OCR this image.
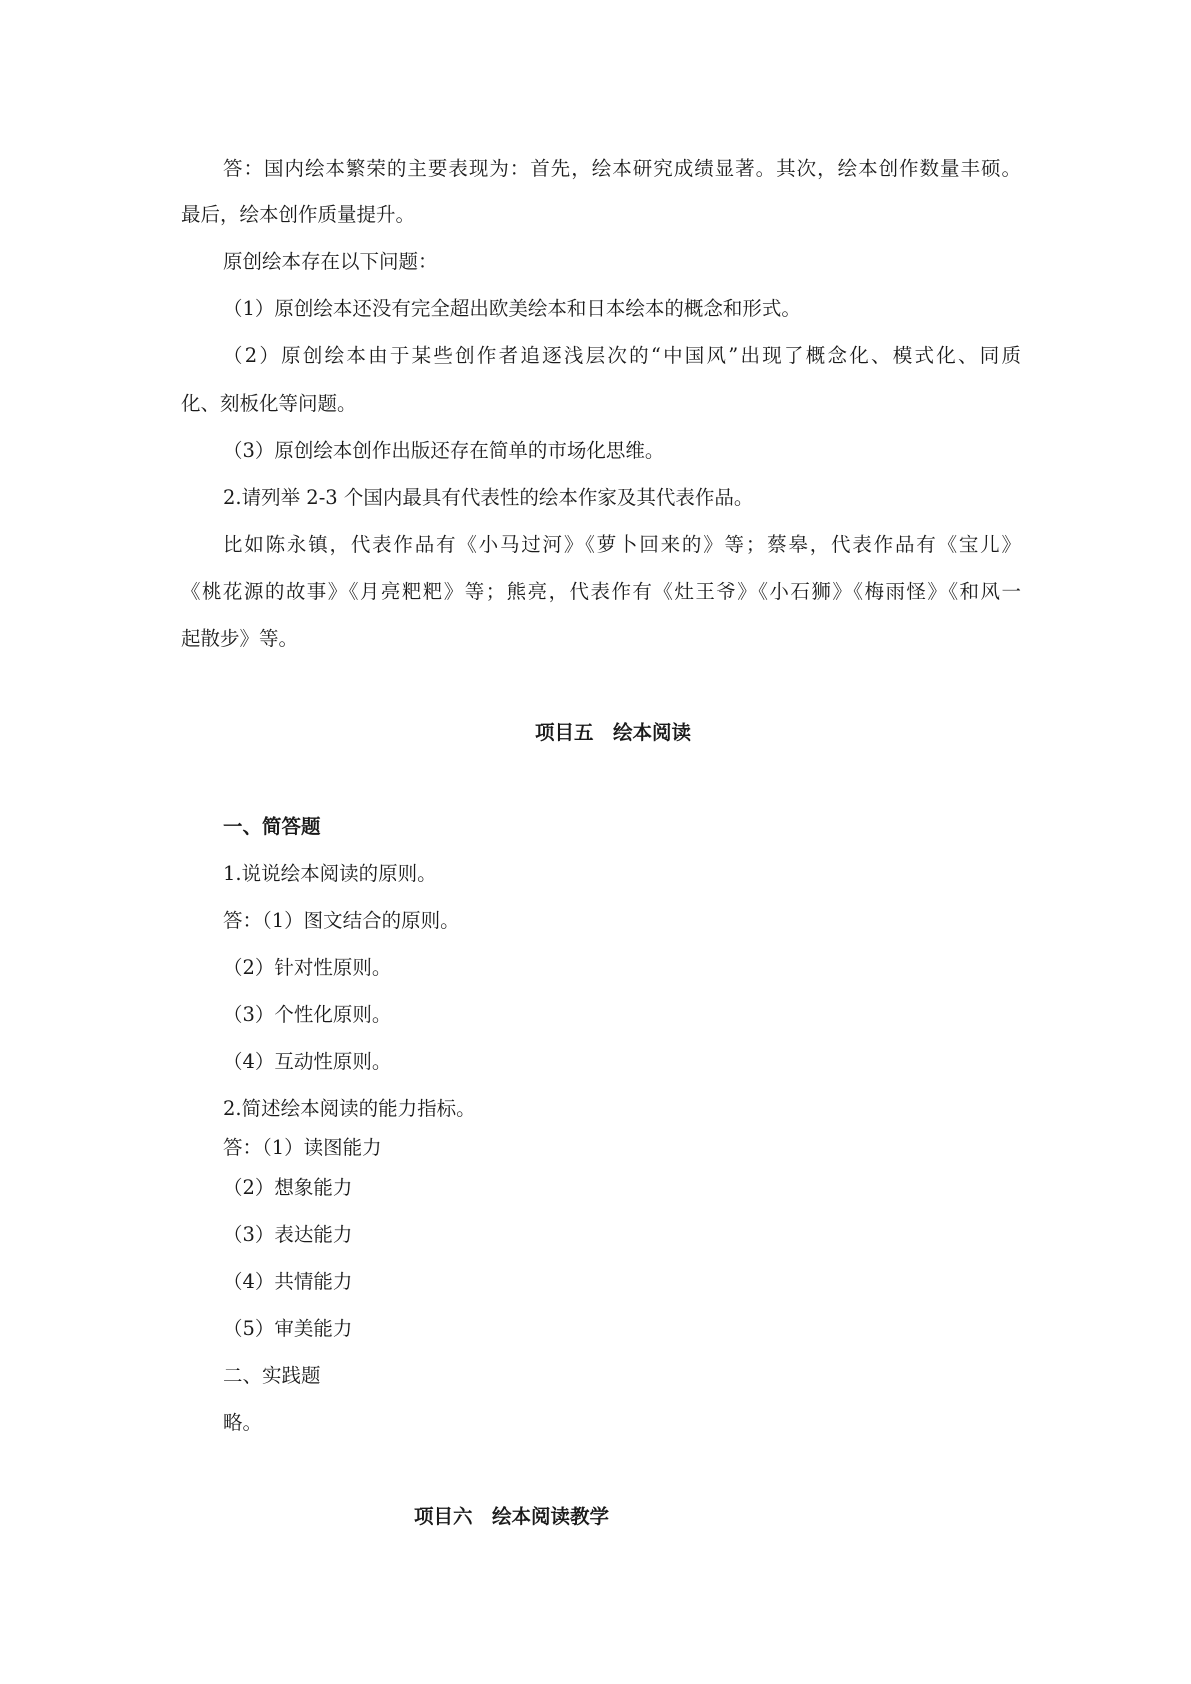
答：国内绘本繁荣的主要表现为：首先，绘本研究成绩显著。其次，绘本创作数量丰硕。
最后，绘本创作质量提升。
原创绘本存在以下问题：
（1）原创绘本还没有完全超出欧美绘本和日本绘本的概念和形式。
（2）原创绘本由于某些创作者追逐浅层次的“中国风”出现了概念化、模式化、同质
化、刻板化等问题。
（3）原创绘本创作出版还存在简单的市场化思维。
2.请列举 2-3 个国内最具有代表性的绘本作家及其代表作品。
比如陈永镇，代表作品有《小马过河》《萝卜回来的》等；蔡皋，代表作品有《宝儿》
《桃花源的故事》《月亮粑粑》等；熊亮，代表作有《灶王爷》《小石狮》《梅雨怪》《和风一
起散步》等。
项目五　绘本阅读
一、简答题
1.说说绘本阅读的原则。
答：（1）图文结合的原则。
（2）针对性原则。
（3）个性化原则。
（4）互动性原则。
2.简述绘本阅读的能力指标。
答：（1）读图能力
（2）想象能力
（3）表达能力
（4）共情能力
（5）审美能力
二、实践题
略。
项目六　绘本阅读教学
